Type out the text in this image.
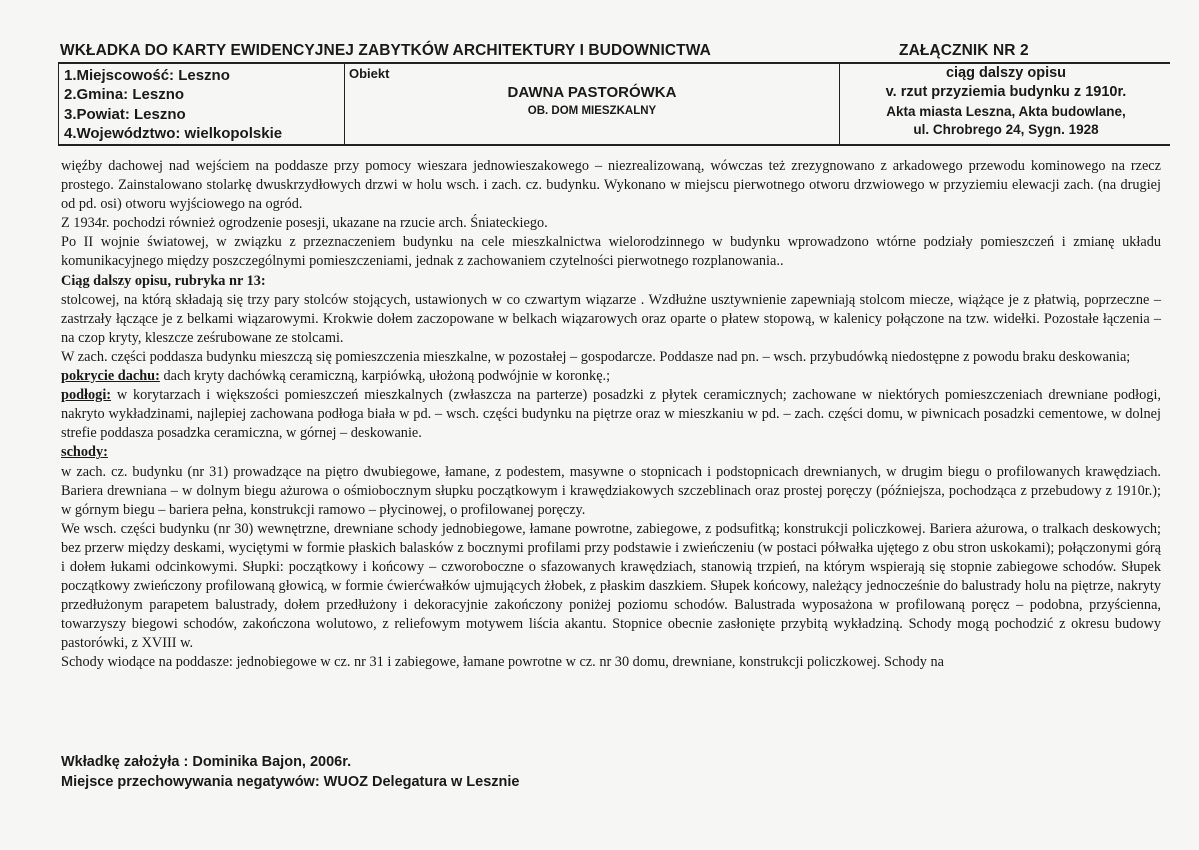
WKŁADKA DO KARTY EWIDENCYJNEJ ZABYTKÓW ARCHITEKTURY I BUDOWNICTWA	ZAŁĄCZNIK NR 2
1.Miejscowość: Leszno
2.Gmina: Leszno
3.Powiat: Leszno
4.Województwo: wielkopolskie
Obiekt
DAWNA PASTORÓWKA
OB. DOM MIESZKALNY
ciąg dalszy opisu
v. rzut przyziemia budynku z 1910r.
Akta miasta Leszna, Akta budowlane,
ul. Chrobrego 24, Sygn. 1928

więźby dachowej nad wejściem na poddasze przy pomocy wieszara jednowieszakowego – niezrealizowaną, wówczas też zrezygnowano z arkadowego przewodu kominowego na rzecz prostego. Zainstalowano stolarkę dwuskrzydłowych drzwi w holu wsch. i zach. cz. budynku. Wykonano w miejscu pierwotnego otworu drzwiowego w przyziemiu elewacji zach. (na drugiej od pd. osi) otworu wyjściowego na ogród.

Z 1934r. pochodzi również ogrodzenie posesji, ukazane na rzucie arch. Śniateckiego.

Po II wojnie światowej, w związku z przeznaczeniem budynku na cele mieszkalnictwa wielorodzinnego w budynku wprowadzono wtórne podziały pomieszczeń i zmianę układu komunikacyjnego między poszczególnymi pomieszczeniami, jednak z zachowaniem czytelności pierwotnego rozplanowania..

Ciąg dalszy opisu, rubryka nr 13:

stolcowej, na którą składają się trzy pary stolców stojących, ustawionych w co czwartym wiązarze . Wzdłużne usztywnienie zapewniają stolcom miecze, wiążące je z płatwią, poprzeczne – zastrzały łączące je z belkami wiązarowymi. Krokwie dołem zaczopowane w belkach wiązarowych oraz oparte o płatew stopową, w kalenicy połączone na tzw. widełki. Pozostałe łączenia – na czop kryty, kleszcze ześrubowane ze stolcami.

W zach. części poddasza budynku mieszczą się pomieszczenia mieszkalne, w pozostałej – gospodarcze. Poddasze nad pn. – wsch. przybudówką niedostępne z powodu braku deskowania;

pokrycie dachu: dach kryty dachówką ceramiczną, karpiówką, ułożoną podwójnie w koronkę.;

podłogi: w korytarzach i większości pomieszczeń mieszkalnych (zwłaszcza na parterze) posadzki z płytek ceramicznych; zachowane w niektórych pomieszczeniach drewniane podłogi, nakryto wykładzinami, najlepiej zachowana podłoga biała w pd. – wsch. części budynku na piętrze oraz w mieszkaniu w pd. – zach. części domu, w piwnicach posadzki cementowe, w dolnej strefie poddasza posadzka ceramiczna, w górnej – deskowanie.

schody:

w zach. cz. budynku (nr 31) prowadzące na piętro dwubiegowe, łamane, z podestem, masywne o stopnicach i podstopnicach drewnianych, w drugim biegu o profilowanych krawędziach. Bariera drewniana – w dolnym biegu ażurowa o ośmiobocznym słupku początkowym i krawędziakowych szczeblinach oraz prostej poręczy (późniejsza, pochodząca z przebudowy z 1910r.); w górnym biegu – bariera pełna, konstrukcji ramowo – płycinowej, o profilowanej poręczy.

We wsch. części budynku (nr 30) wewnętrzne, drewniane schody jednobiegowe, łamane powrotne, zabiegowe, z podsufitką; konstrukcji policzkowej. Bariera ażurowa, o tralkach deskowych; bez przerw między deskami, wyciętymi w formie płaskich balasków z bocznymi profilami przy podstawie i zwieńczeniu (w postaci półwałka ujętego z obu stron uskokami); połączonymi górą i dołem łukami odcinkowymi. Słupki: początkowy i końcowy – czworoboczne o sfazowanych krawędziach, stanowią trzpień, na którym wspierają się stopnie zabiegowe schodów. Słupek początkowy zwieńczony profilowaną głowicą, w formie ćwierćwałków ujmujących żłobek, z płaskim daszkiem. Słupek końcowy, należący jednocześnie do balustrady holu na piętrze, nakryty przedłużonym parapetem balustrady, dołem przedłużony i dekoracyjnie zakończony poniżej poziomu schodów. Balustrada wyposażona w profilowaną poręcz – podobna, przyścienna, towarzyszy biegowi schodów, zakończona wolutowo, z reliefowym motywem liścia akantu. Stopnice obecnie zasłonięte przybitą wykładziną. Schody mogą pochodzić z okresu budowy pastorówki, z XVIII w.

Schody wiodące na poddasze: jednobiegowe w cz. nr 31 i zabiegowe, łamane powrotne w cz. nr 30 domu, drewniane, konstrukcji policzkowej. Schody na

Wkładkę założyła : Dominika Bajon, 2006r.
Miejsce przechowywania negatywów: WUOZ Delegatura w Lesznie
